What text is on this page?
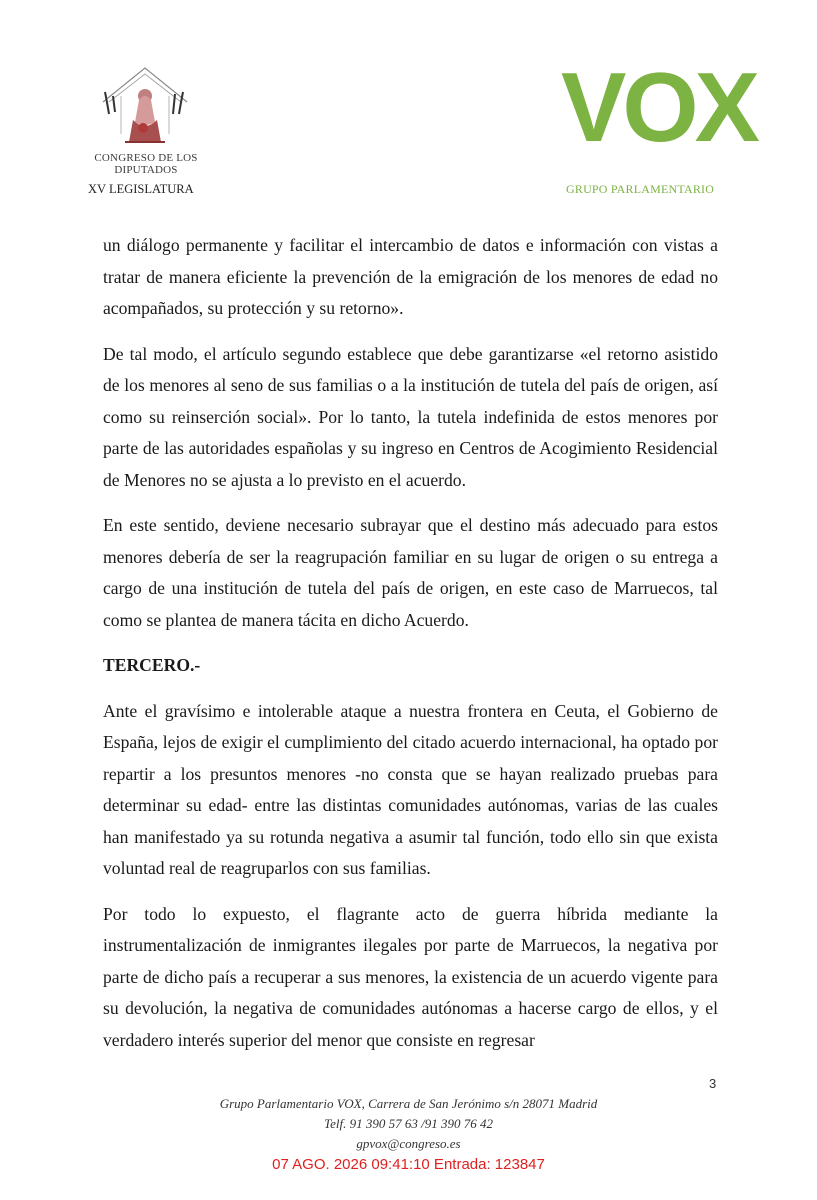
CONGRESO DE LOS DIPUTADOS
XV LEGISLATURA
VOX
GRUPO PARLAMENTARIO

un diálogo permanente y facilitar el intercambio de datos e información con vistas a tratar de manera eficiente la prevención de la emigración de los menores de edad no acompañados, su protección y su retorno».

De tal modo, el artículo segundo establece que debe garantizarse «el retorno asistido de los menores al seno de sus familias o a la institución de tutela del país de origen, así como su reinserción social». Por lo tanto, la tutela indefinida de estos menores por parte de las autoridades españolas y su ingreso en Centros de Acogimiento Residencial de Menores no se ajusta a lo previsto en el acuerdo.

En este sentido, deviene necesario subrayar que el destino más adecuado para estos menores debería de ser la reagrupación familiar en su lugar de origen o su entrega a cargo de una institución de tutela del país de origen, en este caso de Marruecos, tal como se plantea de manera tácita en dicho Acuerdo.

TERCERO.-

Ante el gravísimo e intolerable ataque a nuestra frontera en Ceuta, el Gobierno de España, lejos de exigir el cumplimiento del citado acuerdo internacional, ha optado por repartir a los presuntos menores -no consta que se hayan realizado pruebas para determinar su edad- entre las distintas comunidades autónomas, varias de las cuales han manifestado ya su rotunda negativa a asumir tal función, todo ello sin que exista voluntad real de reagruparlos con sus familias.

Por todo lo expuesto, el flagrante acto de guerra híbrida mediante la instrumentalización de inmigrantes ilegales por parte de Marruecos, la negativa por parte de dicho país a recuperar a sus menores, la existencia de un acuerdo vigente para su devolución, la negativa de comunidades autónomas a hacerse cargo de ellos, y el verdadero interés superior del menor que consiste en regresar

3
Grupo Parlamentario VOX, Carrera de San Jerónimo s/n 28071 Madrid
Telf. 91 390 57 63 /91 390 76 42
gpvox@congreso.es
07 AGO. 2026 09:41:10 Entrada: 123847
